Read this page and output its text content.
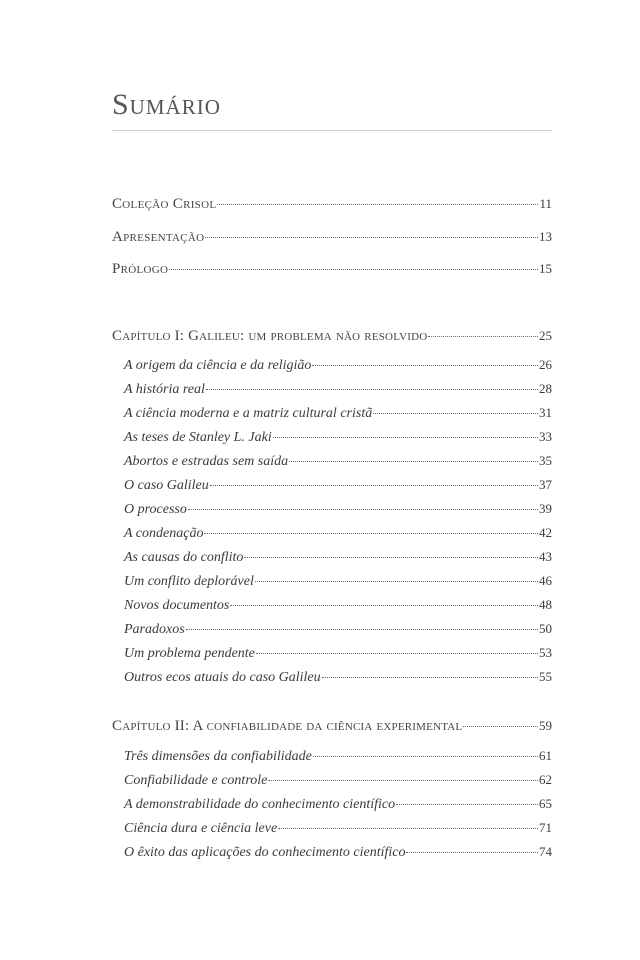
Sumário
Coleção Crisol	11
Apresentação	13
Prólogo	15
Capítulo I: Galileu: um problema não resolvido	25
A origem da ciência e da religião	26
A história real	28
A ciência moderna e a matriz cultural cristã	31
As teses de Stanley L. Jaki	33
Abortos e estradas sem saída	35
O caso Galileu	37
O processo	39
A condenação	42
As causas do conflito	43
Um conflito deplorável	46
Novos documentos	48
Paradoxos	50
Um problema pendente	53
Outros ecos atuais do caso Galileu	55
Capítulo II: A confiabilidade da ciência experimental	59
Três dimensões da confiabilidade	61
Confiabilidade e controle	62
A demonstrabilidade do conhecimento científico	65
Ciência dura e ciência leve	71
O êxito das aplicações do conhecimento científico	74
